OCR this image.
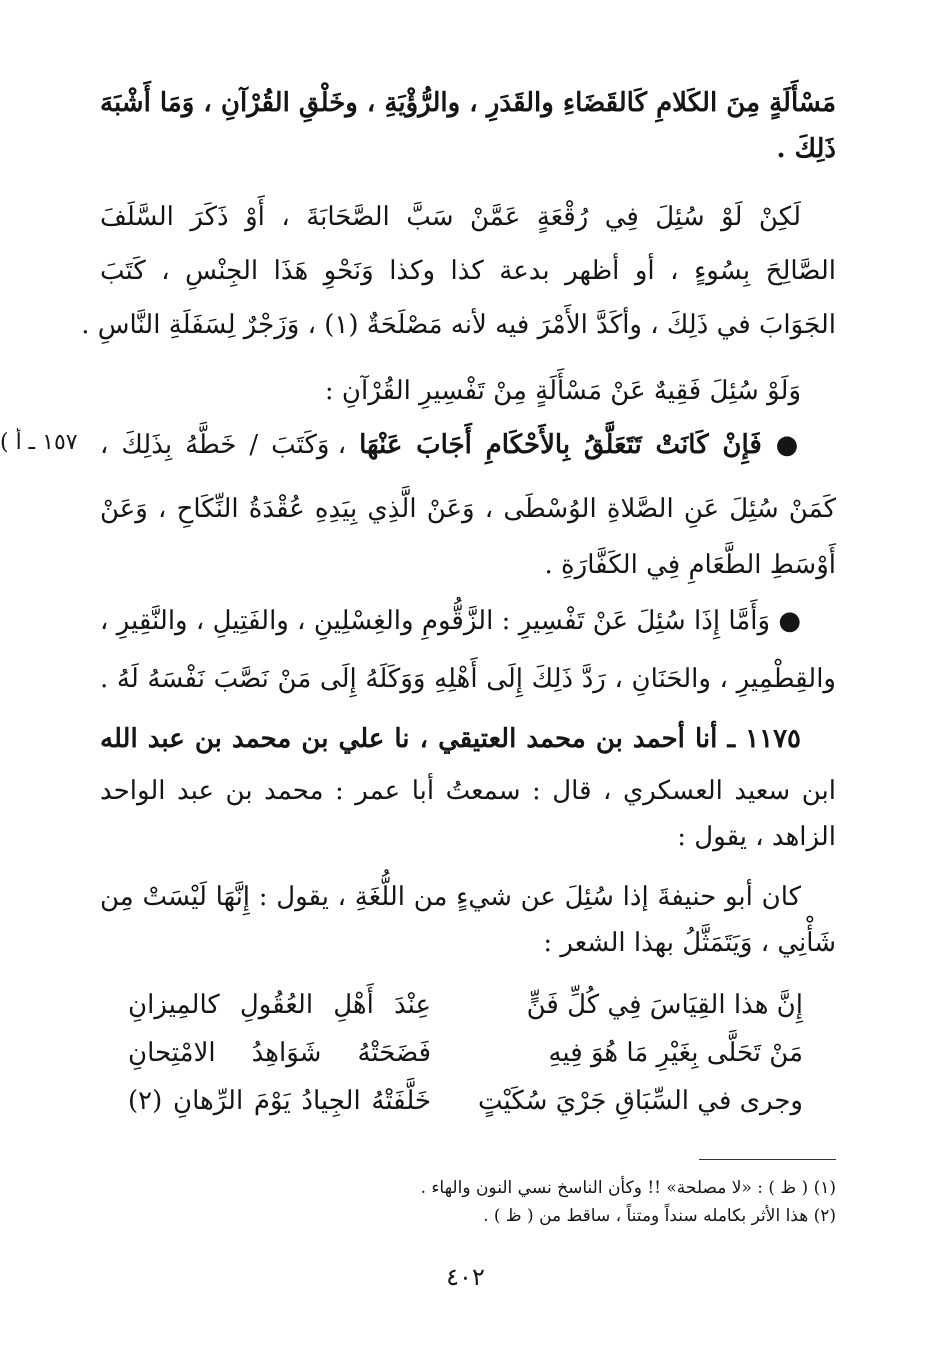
مَسْأَلَةٍ مِنَ الكَلامِ كَالقَضَاءِ والقَدَرِ ، والرُّؤْيَةِ ، وخَلْقِ القُرْآنِ ، وَمَا أَشْبَهَ
ذَلِكَ .
لَكِنْ لَوْ سُئِلَ فِي رُقْعَةٍ عَمَّنْ سَبَّ الصَّحَابَةَ ، أَوْ ذَكَرَ السَّلَفَ
الصَّالِحَ بِسُوءٍ ، أو أظهر بدعة كذا وكذا وَنَحْوِ هَذَا الجِنْسِ ، كَتَبَ
الجَوَابَ في ذَلِكَ ، وأكَدَّ الأَمْرَ فيه لأنه مَصْلَحَةٌ (١) ، وَزَجْرٌ لِسَفَلَةِ النَّاسِ .
وَلَوْ سُئِلَ فَقِيهٌ عَنْ مَسْأَلَةٍ مِنْ تَفْسِيرِ القُرْآنِ :
● فَإِنْ كَانَتْ تَتَعَلَّقُ بِالأَحْكَامِ أَجَابَ عَنْهَا ، وَكَتَبَ / خَطَّهُ بِذَلِكَ ،
( ١٥٧ ـ أ
كَمَنْ سُئِلَ عَنِ الصَّلاةِ الوُسْطَى ، وَعَنْ الَّذِي بِيَدِهِ عُقْدَةُ النِّكَاحِ ، وَعَنْ
أَوْسَطِ الطَّعَامِ فِي الكَفَّارَةِ .
● وَأَمَّا إِذَا سُئِلَ عَنْ تَفْسِيرِ : الزَّقُّومِ والغِسْلِينِ ، والفَتِيلِ ، والنَّقِيرِ ،
والقِطْمِيرِ ، والحَنَانِ ، رَدَّ ذَلِكَ إِلَى أَهْلِهِ وَوَكَلَهُ إِلَى مَنْ نَصَّبَ نَفْسَهُ لَهُ .
١١٧٥ ـ أنا أحمد بن محمد العتيقي ، نا علي بن محمد بن عبد الله
ابن سعيد العسكري ، قال : سمعتُ أبا عمر : محمد بن عبد الواحد
الزاهد ، يقول :
كان أبو حنيفةَ إذا سُئِلَ عن شيءٍ من اللُّغَةِ ، يقول : إِنَّهَا لَيْسَتْ مِن
شَأْنِي ، وَيَتَمَثَّلُ بهذا الشعر :
إِنَّ هذا القِيَاسَ فِي كُلِّ فَنٍّ
عِنْدَ أَهْلِ العُقُولِ كالمِيزانِ
مَنْ تَحَلَّى بِغَيْرِ مَا هُوَ فِيهِ
فَضَحَتْهُ شَوَاهِدُ الامْتِحانِ
وجرى في السِّبَاقِ جَرْيَ سُكَيْتٍ
خَلَّفَتْهُ الجِيادُ يَوْمَ الرِّهانِ (٢)
(١) ( ظ ) : «لا مصلحة» !! وكأن الناسخ نسي النون والهاء .
(٢) هذا الأثر بكامله سنداً ومتناً ، ساقط من ( ظ ) .
٤٠٢
